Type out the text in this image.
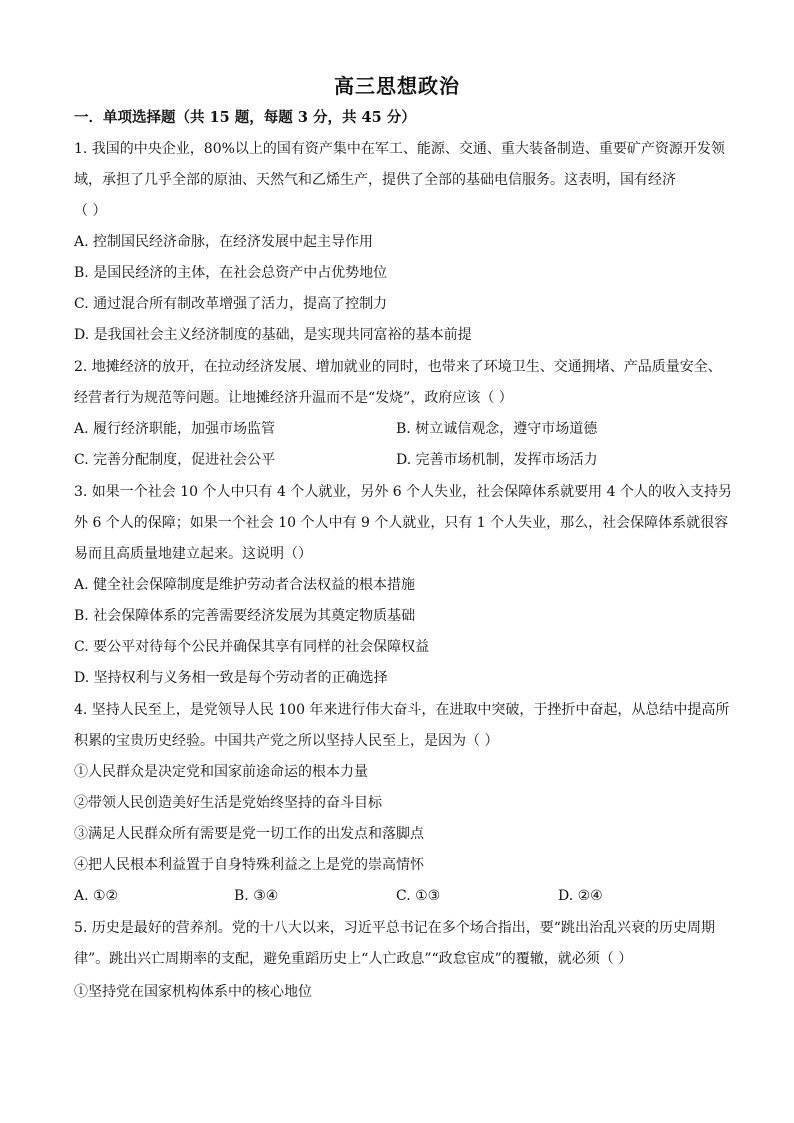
高三思想政治
一．单项选择题（共 15 题，每题 3 分，共 45 分）
1. 我国的中央企业，80%以上的国有资产集中在军工、能源、交通、重大装备制造、重要矿产资源开发领
域，承担了几乎全部的原油、天然气和乙烯生产，提供了全部的基础电信服务。这表明，国有经济
（ ）
A. 控制国民经济命脉，在经济发展中起主导作用
B. 是国民经济的主体，在社会总资产中占优势地位
C. 通过混合所有制改革增强了活力，提高了控制力
D. 是我国社会主义经济制度的基础，是实现共同富裕的基本前提
2. 地摊经济的放开，在拉动经济发展、增加就业的同时，也带来了环境卫生、交通拥堵、产品质量安全、
经营者行为规范等问题。让地摊经济升温而不是“发烧”，政府应该（ ）
A. 履行经济职能，加强市场监管	B. 树立诚信观念，遵守市场道德
C. 完善分配制度，促进社会公平	D. 完善市场机制，发挥市场活力
3. 如果一个社会 10 个人中只有 4 个人就业，另外 6 个人失业，社会保障体系就要用 4 个人的收入支持另
外 6 个人的保障；如果一个社会 10 个人中有 9 个人就业，只有 1 个人失业，那么，社会保障体系就很容
易而且高质量地建立起来。这说明（）
A. 健全社会保障制度是维护劳动者合法权益的根本措施
B. 社会保障体系的完善需要经济发展为其奠定物质基础
C. 要公平对待每个公民并确保其享有同样的社会保障权益
D. 坚持权利与义务相一致是每个劳动者的正确选择
4. 坚持人民至上，是党领导人民 100 年来进行伟大奋斗，在进取中突破，于挫折中奋起，从总结中提高所
积累的宝贵历史经验。中国共产党之所以坚持人民至上，是因为（ ）
①人民群众是决定党和国家前途命运的根本力量
②带领人民创造美好生活是党始终坚持的奋斗目标
③满足人民群众所有需要是党一切工作的出发点和落脚点
④把人民根本利益置于自身特殊利益之上是党的崇高情怀
A. ①②	B. ③④	C. ①③	D. ②④
5. 历史是最好的营养剂。党的十八大以来，习近平总书记在多个场合指出，要“跳出治乱兴衰的历史周期
律”。跳出兴亡周期率的支配，避免重蹈历史上“人亡政息”“政怠宦成”的覆辙，就必须（ ）
①坚持党在国家机构体系中的核心地位
